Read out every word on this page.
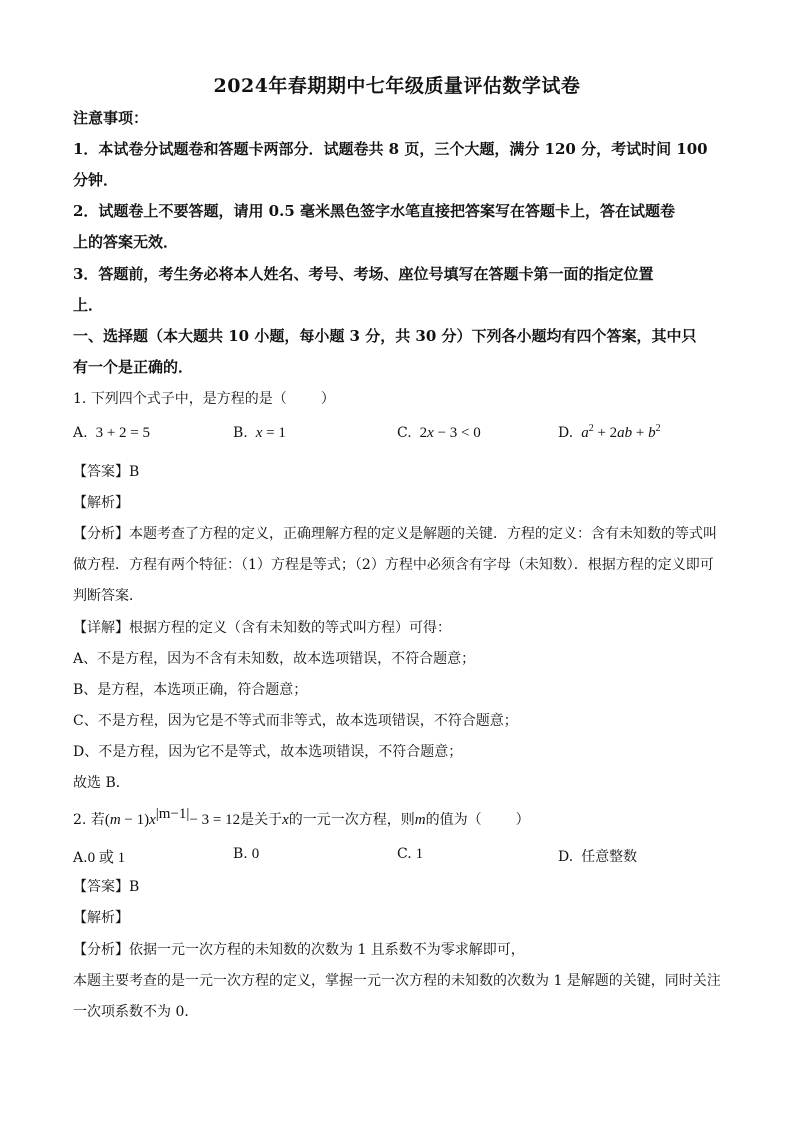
2024年春期期中七年级质量评估数学试卷
注意事项：
1．本试卷分试题卷和答题卡两部分．试题卷共 8 页，三个大题，满分 120 分，考试时间 100
分钟．
2．试题卷上不要答题，请用 0.5 毫米黑色签字水笔直接把答案写在答题卡上，答在试题卷
上的答案无效．
3．答题前，考生务必将本人姓名、考号、考场、座位号填写在答题卡第一面的指定位置
上．
一、选择题（本大题共 10 小题，每小题 3 分，共 30 分）下列各小题均有四个答案，其中只
有一个是正确的．
1. 下列四个式子中，是方程的是（ ）
A. 3 + 2 = 5	B. x = 1	C. 2x − 3 < 0	D. $a^2 + 2ab + b^2$
【答案】B
【解析】
【分析】本题考查了方程的定义，正确理解方程的定义是解题的关键．方程的定义：含有未知数的等式叫
做方程．方程有两个特征：（1）方程是等式；（2）方程中必须含有字母（未知数）．根据方程的定义即可
判断答案．
【详解】根据方程的定义（含有未知数的等式叫方程）可得：
A、不是方程，因为不含有未知数，故本选项错误，不符合题意；
B、是方程，本选项正确，符合题意；
C、不是方程，因为它是不等式而非等式，故本选项错误，不符合题意；
D、不是方程，因为它不是等式，故本选项错误，不符合题意；
故选 B．
2. 若$(m - 1)x^{|m-1|}- 3 = 12$是关于x的一元一次方程，则m的值为（ ）
A.0 或 1	B. 0	C. 1	D. 任意整数
【答案】B
【解析】
【分析】依据一元一次方程的未知数的次数为 1 且系数不为零求解即可，
本题主要考查的是一元一次方程的定义，掌握一元一次方程的未知数的次数为 1 是解题的关键，同时关注
一次项系数不为 0．
